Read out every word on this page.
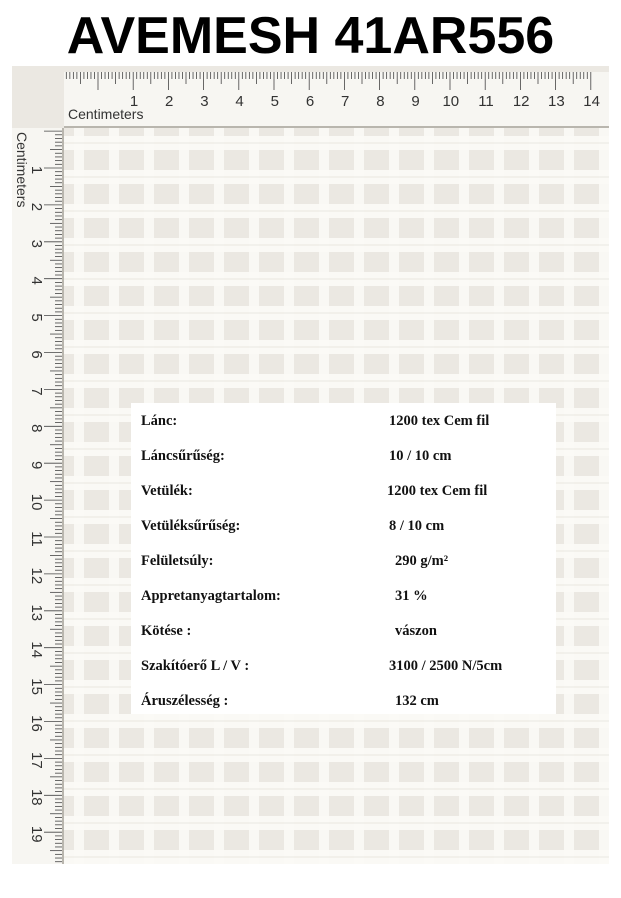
AVEMESH 41AR556
1 2 3 4 5 6 7 8 9 10 11 12 13 14
Centimeters
1
2
3
4
5
6
7
8
9
10
11
12
13
14
15
16
17
18
19
Centimeters
Lánc:	1200 tex Cem fil
Láncsűrűség:	10 / 10 cm
Vetülék:	1200 tex Cem fil
Vetüléksűrűség:	8 / 10 cm
Felületsúly:	290 g/m²
Appretanyagtartalom:	31 %
Kötése :	vászon
Szakítóerő L / V :	3100 / 2500 N/5cm
Áruszélesség :	132 cm
